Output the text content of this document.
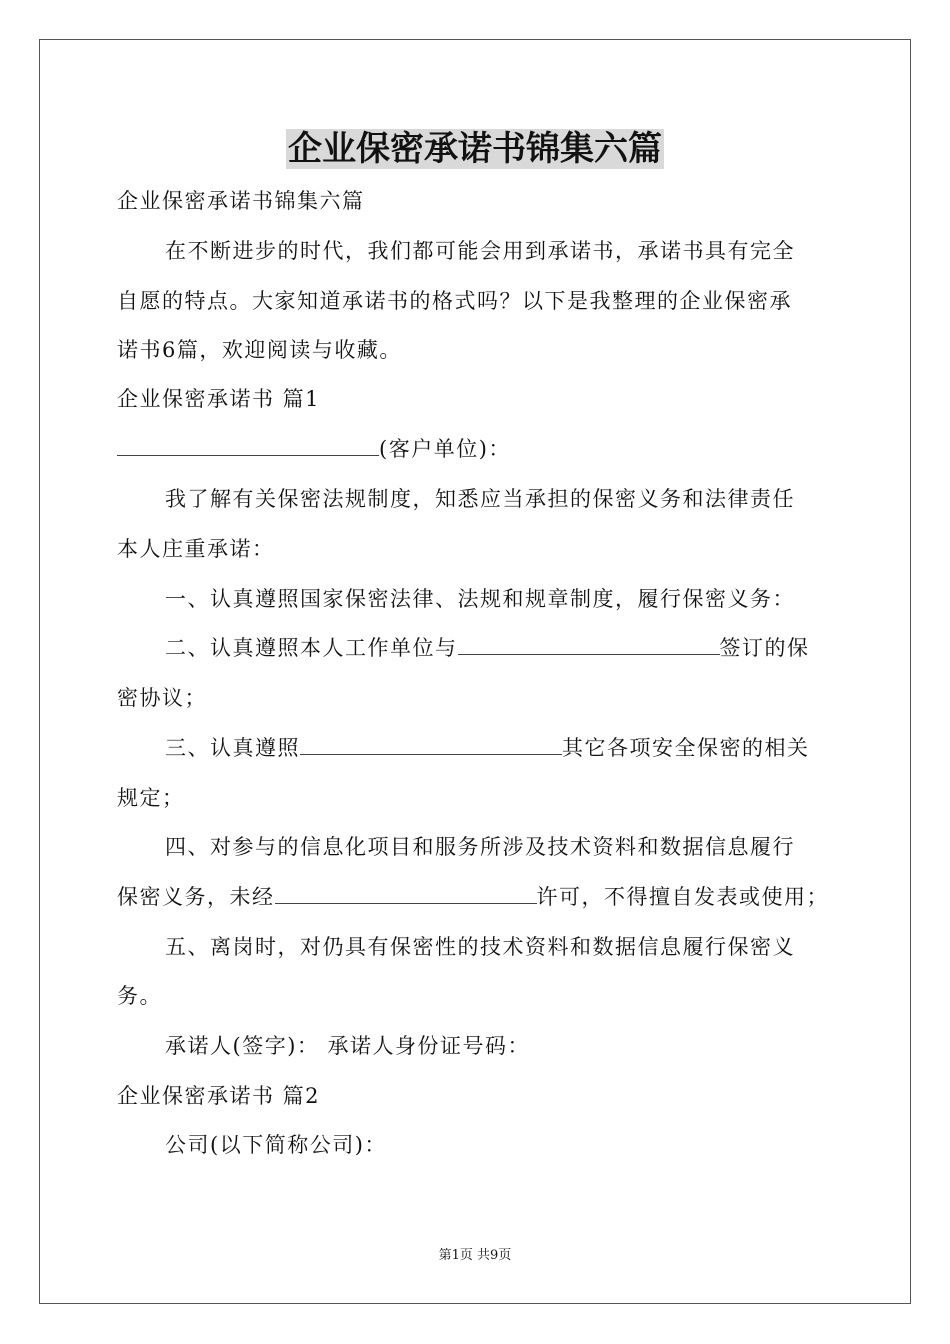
企业保密承诺书锦集六篇
企业保密承诺书锦集六篇
在不断进步的时代，我们都可能会用到承诺书，承诺书具有完全
自愿的特点。大家知道承诺书的格式吗？以下是我整理的企业保密承
诺书6篇，欢迎阅读与收藏。
企业保密承诺书 篇1
(客户单位)：
我了解有关保密法规制度，知悉应当承担的保密义务和法律责任
本人庄重承诺：
一、认真遵照国家保密法律、法规和规章制度，履行保密义务：
二、认真遵照本人工作单位与	签订的保
密协议；
三、认真遵照	其它各项安全保密的相关
规定；
四、对参与的信息化项目和服务所涉及技术资料和数据信息履行
保密义务，未经	许可，不得擅自发表或使用；
五、离岗时，对仍具有保密性的技术资料和数据信息履行保密义
务。
承诺人(签字)： 承诺人身份证号码：
企业保密承诺书 篇2
公司(以下简称公司)：
第1页 共9页
